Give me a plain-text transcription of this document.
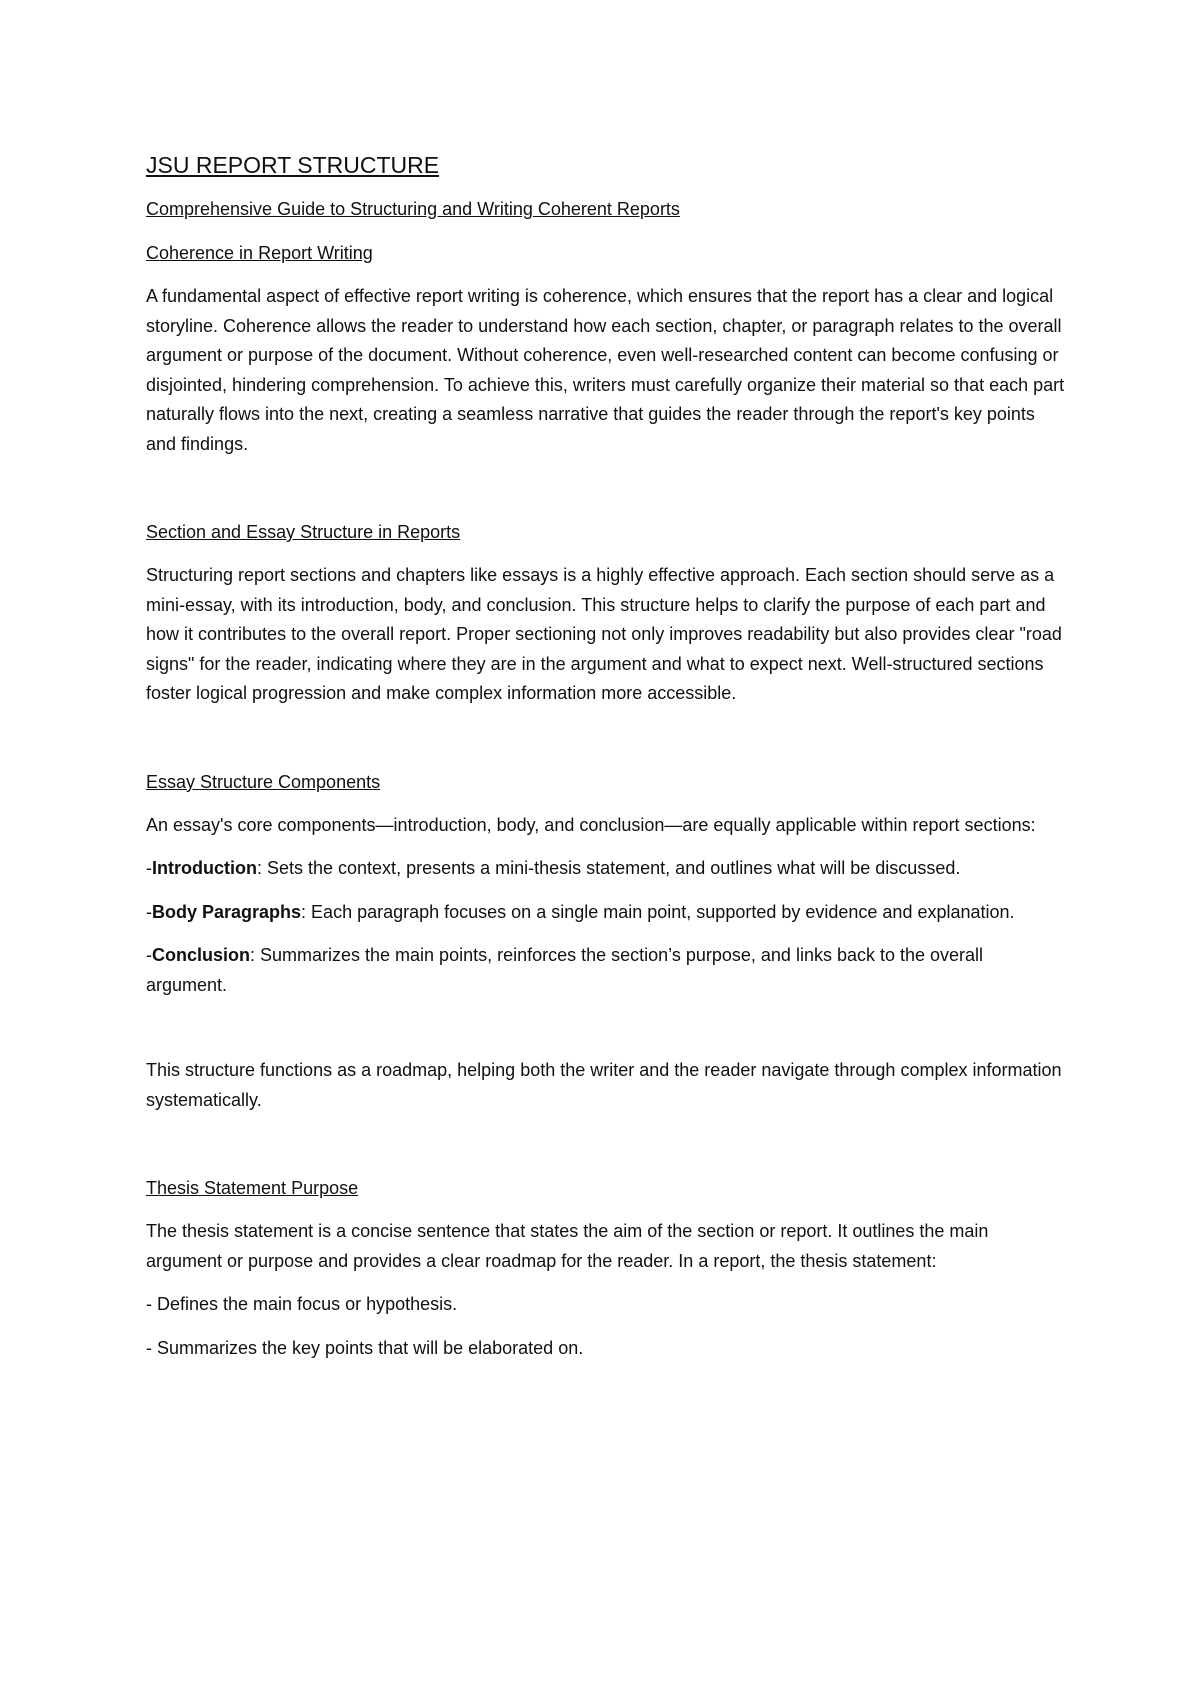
JSU REPORT STRUCTURE
Comprehensive Guide to Structuring and Writing Coherent Reports
Coherence in Report Writing

A fundamental aspect of effective report writing is coherence, which ensures that the report has a clear and logical storyline. Coherence allows the reader to understand how each section, chapter, or paragraph relates to the overall argument or purpose of the document. Without coherence, even well-researched content can become confusing or disjointed, hindering comprehension. To achieve this, writers must carefully organize their material so that each part naturally flows into the next, creating a seamless narrative that guides the reader through the report's key points and findings.

Section and Essay Structure in Reports

Structuring report sections and chapters like essays is a highly effective approach. Each section should serve as a mini-essay, with its introduction, body, and conclusion. This structure helps to clarify the purpose of each part and how it contributes to the overall report. Proper sectioning not only improves readability but also provides clear "road signs" for the reader, indicating where they are in the argument and what to expect next. Well-structured sections foster logical progression and make complex information more accessible.

Essay Structure Components

An essay's core components—introduction, body, and conclusion—are equally applicable within report sections:

-Introduction: Sets the context, presents a mini-thesis statement, and outlines what will be discussed.

-Body Paragraphs: Each paragraph focuses on a single main point, supported by evidence and explanation.

-Conclusion: Summarizes the main points, reinforces the section’s purpose, and links back to the overall argument.

This structure functions as a roadmap, helping both the writer and the reader navigate through complex information systematically.

Thesis Statement Purpose

The thesis statement is a concise sentence that states the aim of the section or report. It outlines the main argument or purpose and provides a clear roadmap for the reader. In a report, the thesis statement:

- Defines the main focus or hypothesis.

- Summarizes the key points that will be elaborated on.
